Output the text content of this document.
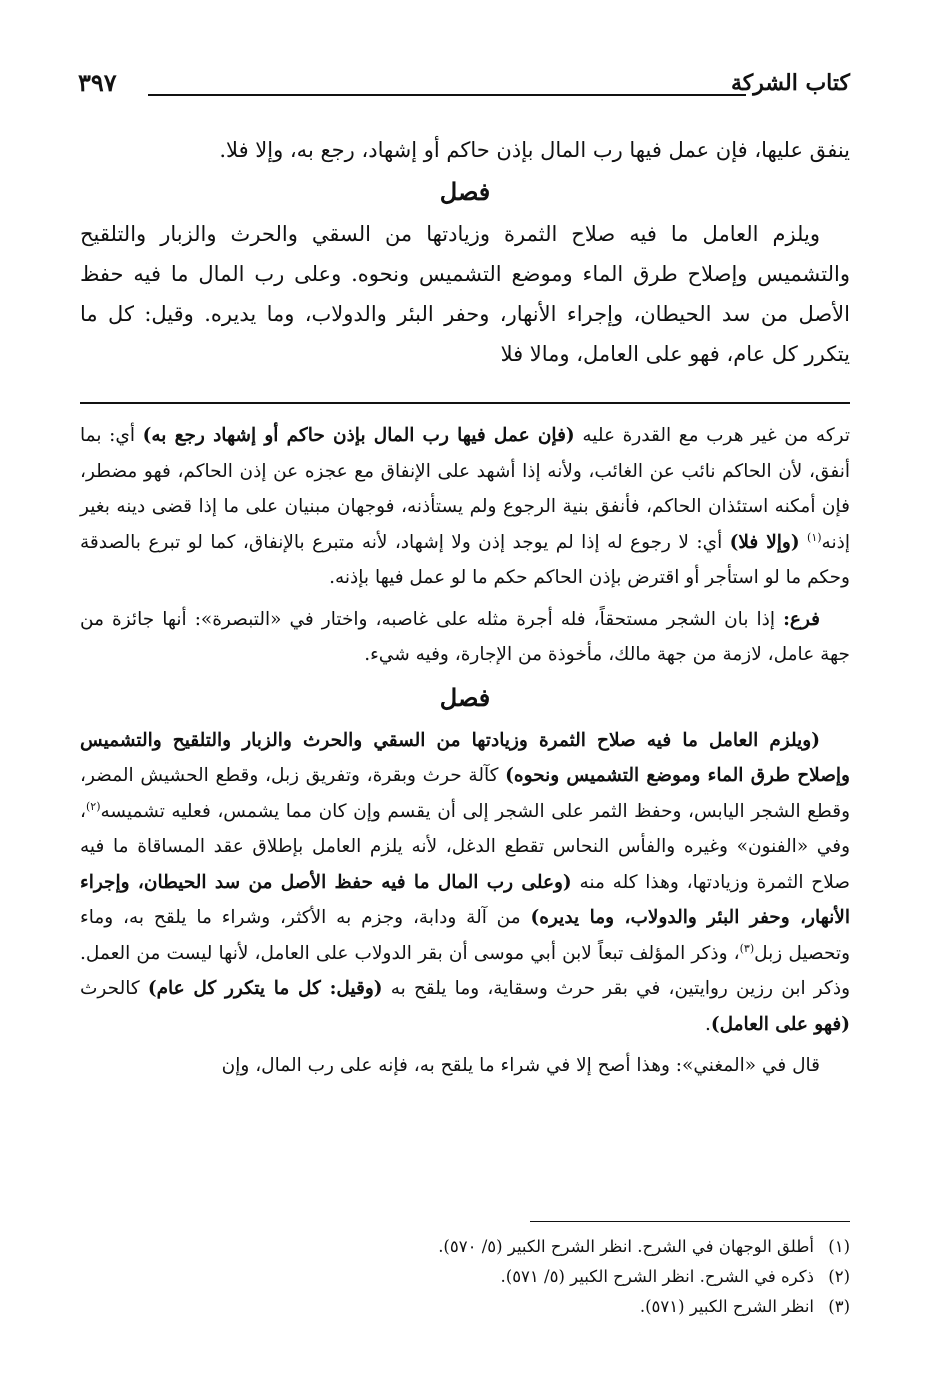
كتاب الشركة
٣٩٧

ينفق عليها، فإن عمل فيها رب المال بإذن حاكم أو إشهاد، رجع به، وإلا فلا.

فصل

ويلزم العامل ما فيه صلاح الثمرة وزيادتها من السقي والحرث والزبار والتلقيح والتشميس وإصلاح طرق الماء وموضع التشميس ونحوه. وعلى رب المال ما فيه حفظ الأصل من سد الحيطان، وإجراء الأنهار، وحفر البئر والدولاب، وما يديره. وقيل: كل ما يتكرر كل عام، فهو على العامل، ومالا فلا

تركه من غير هرب مع القدرة عليه (فإن عمل فيها رب المال بإذن حاكم أو إشهاد رجع به) أي: بما أنفق، لأن الحاكم نائب عن الغائب، ولأنه إذا أشهد على الإنفاق مع عجزه عن إذن الحاكم، فهو مضطر، فإن أمكنه استئذان الحاكم، فأنفق بنية الرجوع ولم يستأذنه، فوجهان مبنيان على ما إذا قضى دينه بغير إذنه$^{(١)}$ (وإلا فلا) أي: لا رجوع له إذا لم يوجد إذن ولا إشهاد، لأنه متبرع بالإنفاق، كما لو تبرع بالصدقة وحكم ما لو استأجر أو اقترض بإذن الحاكم حكم ما لو عمل فيها بإذنه.

فرع: إذا بان الشجر مستحقاً، فله أجرة مثله على غاصبه، واختار في «التبصرة»: أنها جائزة من جهة عامل، لازمة من جهة مالك، مأخوذة من الإجارة، وفيه شيء.

فصل

(ويلزم العامل ما فيه صلاح الثمرة وزيادتها من السقي والحرث والزبار والتلقيح والتشميس وإصلاح طرق الماء وموضع التشميس ونحوه) كآلة حرث وبقرة، وتفريق زبل، وقطع الحشيش المضر، وقطع الشجر اليابس، وحفظ الثمر على الشجر إلى أن يقسم وإن كان مما يشمس، فعليه تشميسه$^{(٢)}$، وفي «الفنون» وغيره والفأس النحاس تقطع الدغل، لأنه يلزم العامل بإطلاق عقد المساقاة ما فيه صلاح الثمرة وزيادتها، وهذا كله منه (وعلى رب المال ما فيه حفظ الأصل من سد الحيطان، وإجراء الأنهار، وحفر البئر والدولاب، وما يديره) من آلة ودابة، وجزم به الأكثر، وشراء ما يلقح به، وماء وتحصيل زبل$^{(٣)}$، وذكر المؤلف تبعاً لابن أبي موسى أن بقر الدولاب على العامل، لأنها ليست من العمل. وذكر ابن رزين روايتين، في بقر حرث وسقاية، وما يلقح به (وقيل: كل ما يتكرر كل عام) كالحرث (فهو على العامل).

قال في «المغني»: وهذا أصح إلا في شراء ما يلقح به، فإنه على رب المال، وإن

(١)أطلق الوجهان في الشرح. انظر الشرح الكبير (٥/ ٥٧٠).
(٢)ذكره في الشرح. انظر الشرح الكبير (٥/ ٥٧١).
(٣)انظر الشرح الكبير (٥٧١).
